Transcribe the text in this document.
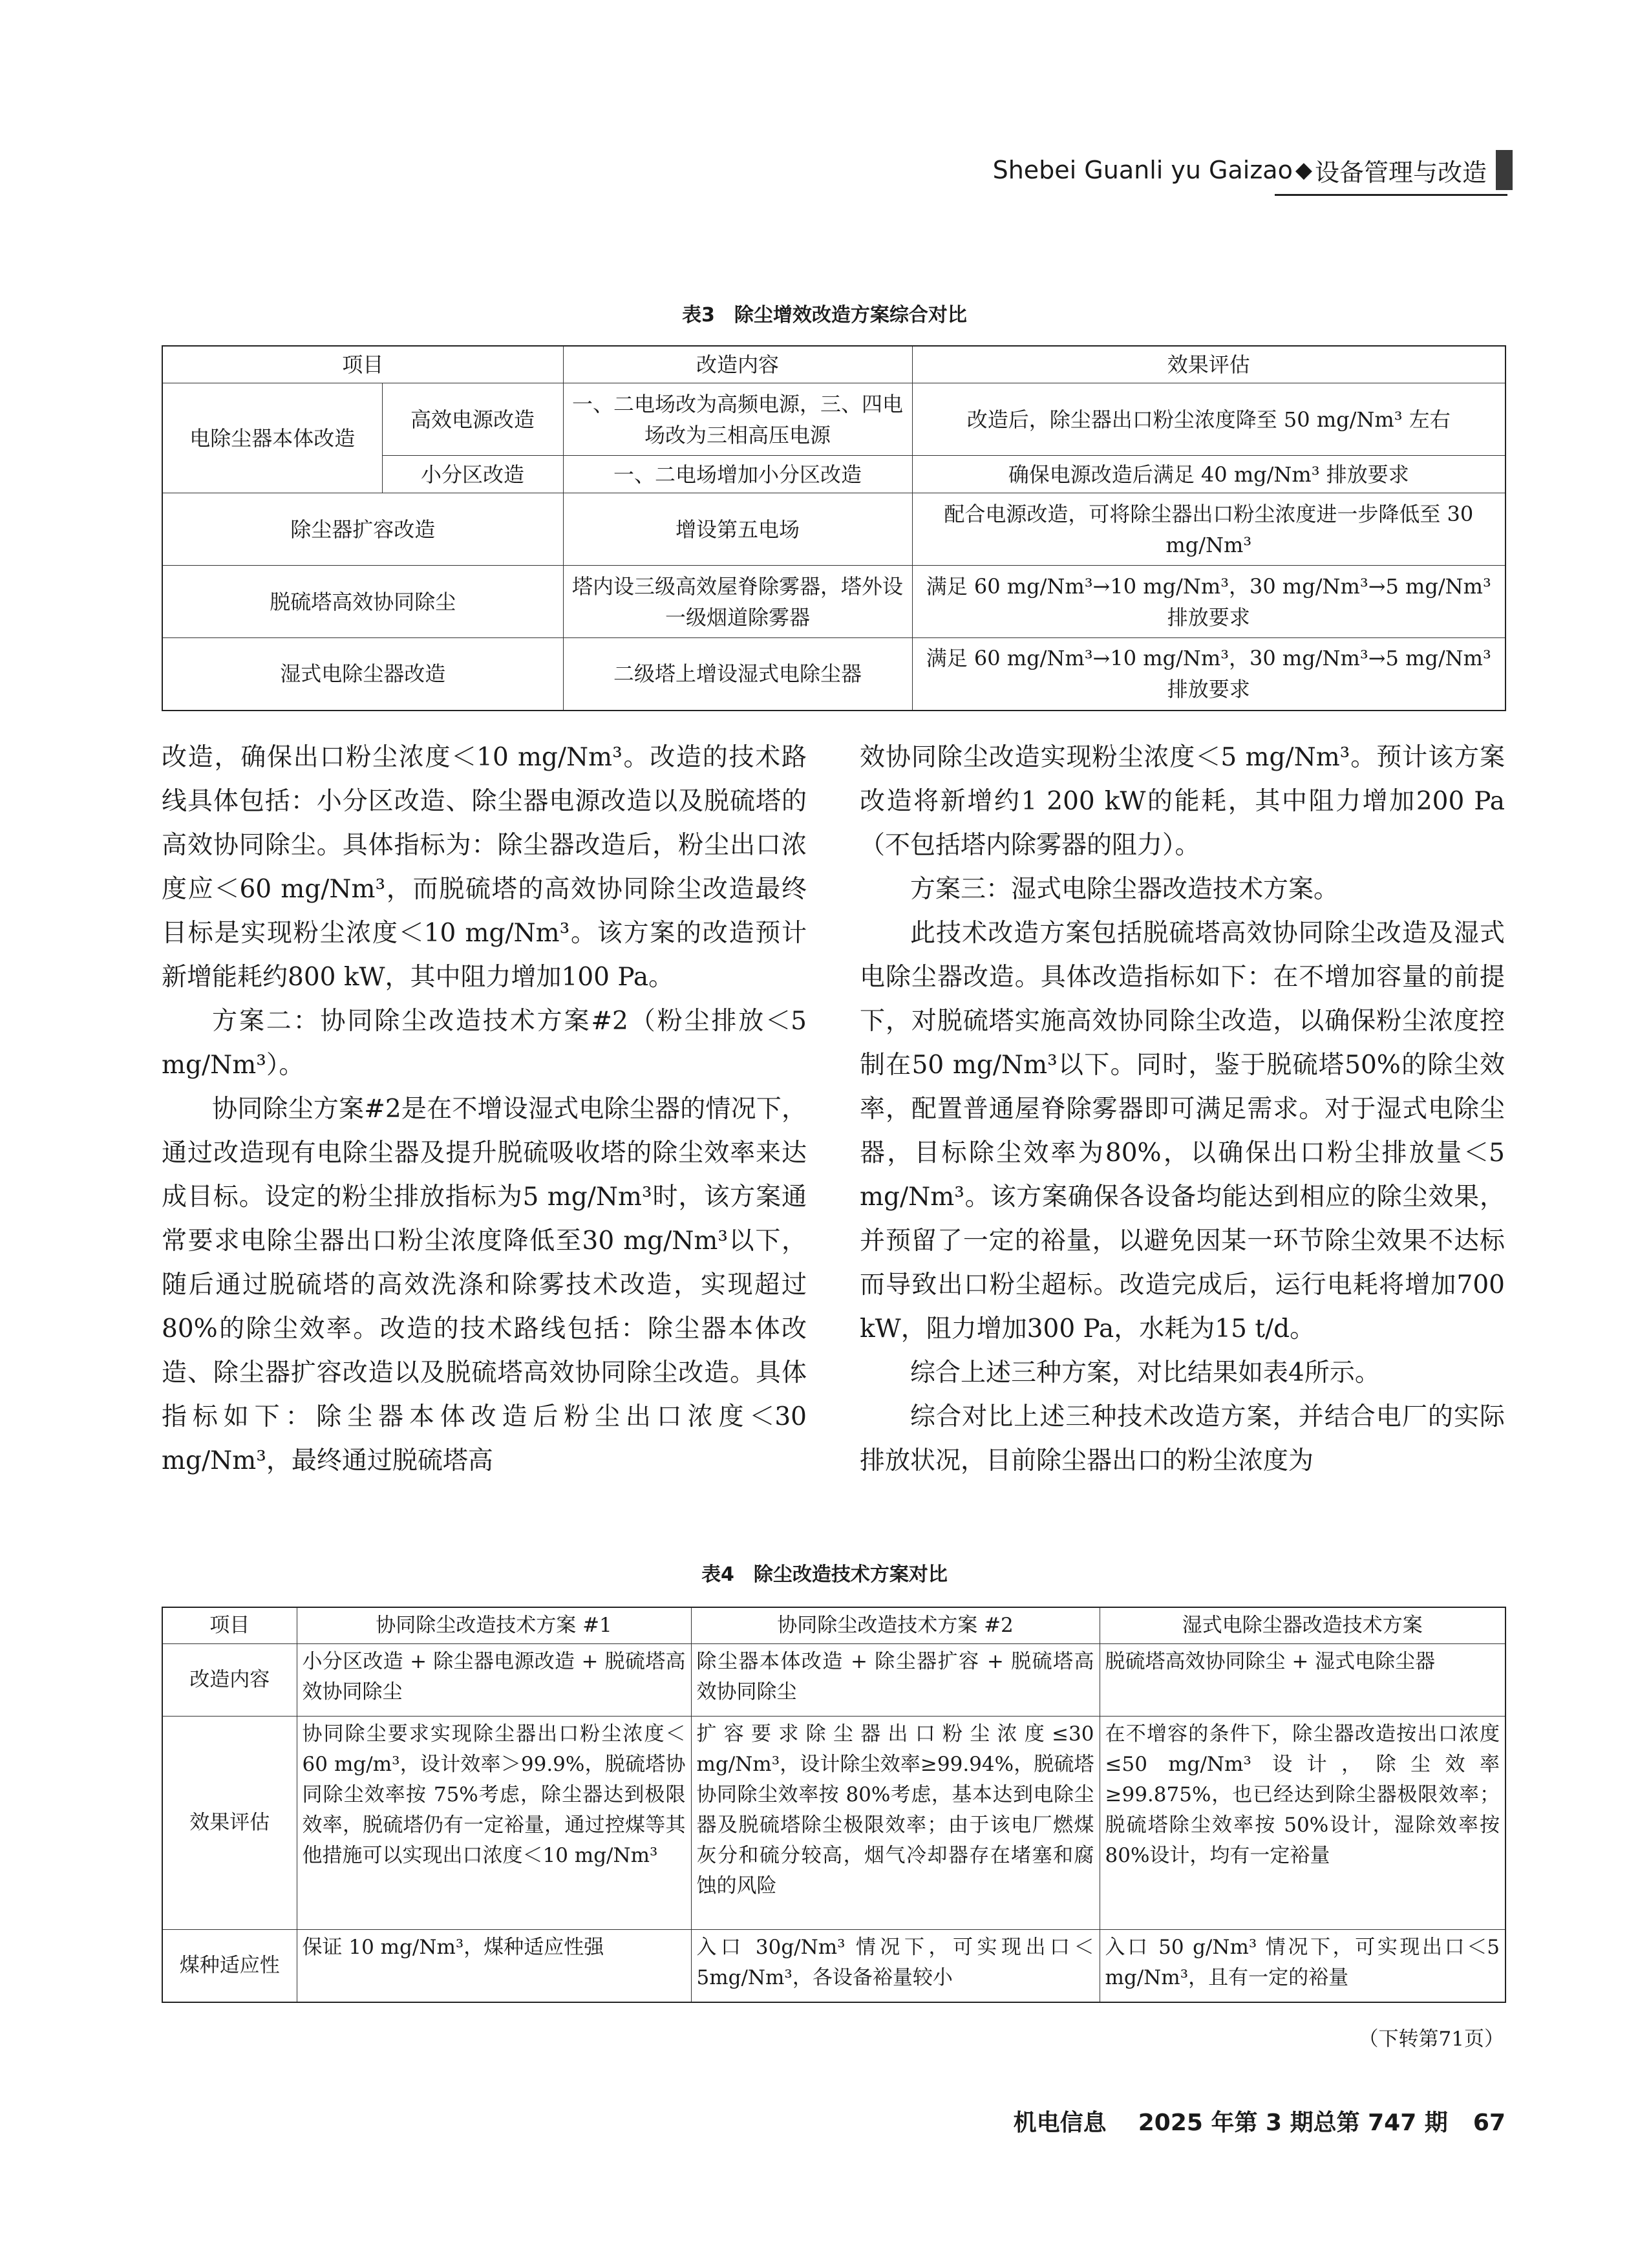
Shebei Guanli yu Gaizao ◆ 设备管理与改造
表3　除尘增效改造方案综合对比
项目		改造内容	效果评估
电除尘器本体改造	高效电源改造	一、二电场改为高频电源，三、四电场改为三相高压电源	改造后，除尘器出口粉尘浓度降至 50 mg/Nm³ 左右
	小分区改造	一、二电场增加小分区改造	确保电源改造后满足 40 mg/Nm³ 排放要求
除尘器扩容改造		增设第五电场	配合电源改造，可将除尘器出口粉尘浓度进一步降低至 30 mg/Nm³
脱硫塔高效协同除尘		塔内设三级高效屋脊除雾器，塔外设一级烟道除雾器	满足 60 mg/Nm³→10 mg/Nm³，30 mg/Nm³→5 mg/Nm³ 排放要求
湿式电除尘器改造		二级塔上增设湿式电除尘器	满足 60 mg/Nm³→10 mg/Nm³，30 mg/Nm³→5 mg/Nm³ 排放要求

改造，确保出口粉尘浓度＜10 mg/Nm³。改造的技术路线具体包括：小分区改造、除尘器电源改造以及脱硫塔的高效协同除尘。具体指标为：除尘器改造后，粉尘出口浓度应＜60 mg/Nm³，而脱硫塔的高效协同除尘改造最终目标是实现粉尘浓度＜10 mg/Nm³。该方案的改造预计新增能耗约800 kW，其中阻力增加100 Pa。

方案二：协同除尘改造技术方案#2（粉尘排放＜5 mg/Nm³）。

协同除尘方案#2是在不增设湿式电除尘器的情况下，通过改造现有电除尘器及提升脱硫吸收塔的除尘效率来达成目标。设定的粉尘排放指标为5 mg/Nm³时，该方案通常要求电除尘器出口粉尘浓度降低至30 mg/Nm³以下，随后通过脱硫塔的高效洗涤和除雾技术改造，实现超过80%的除尘效率。改造的技术路线包括：除尘器本体改造、除尘器扩容改造以及脱硫塔高效协同除尘改造。具体指标如下：除尘器本体改造后粉尘出口浓度＜30 mg/Nm³，最终通过脱硫塔高

效协同除尘改造实现粉尘浓度＜5 mg/Nm³。预计该方案改造将新增约1 200 kW的能耗，其中阻力增加200 Pa（不包括塔内除雾器的阻力）。

方案三：湿式电除尘器改造技术方案。

此技术改造方案包括脱硫塔高效协同除尘改造及湿式电除尘器改造。具体改造指标如下：在不增加容量的前提下，对脱硫塔实施高效协同除尘改造，以确保粉尘浓度控制在50 mg/Nm³以下。同时，鉴于脱硫塔50%的除尘效率，配置普通屋脊除雾器即可满足需求。对于湿式电除尘器，目标除尘效率为80%，以确保出口粉尘排放量＜5 mg/Nm³。该方案确保各设备均能达到相应的除尘效果，并预留了一定的裕量，以避免因某一环节除尘效果不达标而导致出口粉尘超标。改造完成后，运行电耗将增加700 kW，阻力增加300 Pa，水耗为15 t/d。

综合上述三种方案，对比结果如表4所示。

综合对比上述三种技术改造方案，并结合电厂的实际排放状况，目前除尘器出口的粉尘浓度为

表4　除尘改造技术方案对比
项目	协同除尘改造技术方案 #1	协同除尘改造技术方案 #2	湿式电除尘器改造技术方案
改造内容	小分区改造 + 除尘器电源改造 + 脱硫塔高效协同除尘	除尘器本体改造 + 除尘器扩容 + 脱硫塔高效协同除尘	脱硫塔高效协同除尘 + 湿式电除尘器
效果评估	协同除尘要求实现除尘器出口粉尘浓度＜60 mg/m³，设计效率＞99.9%，脱硫塔协同除尘效率按 75%考虑，除尘器达到极限效率，脱硫塔仍有一定裕量，通过控煤等其他措施可以实现出口浓度＜10 mg/Nm³	扩容要求除尘器出口粉尘浓度≤30 mg/Nm³，设计除尘效率≥99.94%，脱硫塔协同除尘效率按 80%考虑，基本达到电除尘器及脱硫塔除尘极限效率；由于该电厂燃煤灰分和硫分较高，烟气冷却器存在堵塞和腐蚀的风险	在不增容的条件下，除尘器改造按出口浓度≤50 mg/Nm³ 设计，除尘效率≥99.875%，也已经达到除尘器极限效率；脱硫塔除尘效率按 50%设计，湿除效率按 80%设计，均有一定裕量
煤种适应性	保证 10 mg/Nm³，煤种适应性强	入口 30g/Nm³ 情况下，可实现出口＜5mg/Nm³，各设备裕量较小	入口 50 g/Nm³ 情况下，可实现出口＜5 mg/Nm³，且有一定的裕量
（下转第71页）
机电信息 2025 年第 3 期总第 747 期 67
